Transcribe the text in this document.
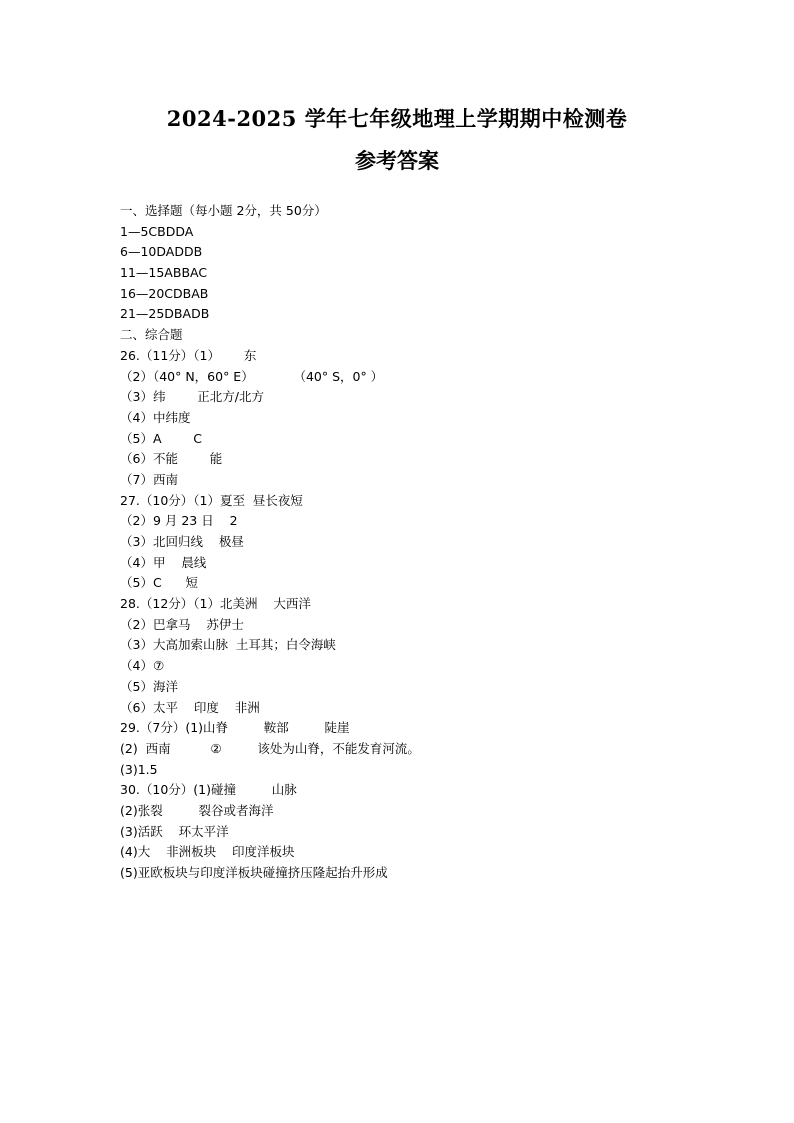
2024-2025 学年七年级地理上学期期中检测卷
参考答案
一、选择题（每小题 2分，共 50分）
1—5CBDDA
6—10DADDB
11—15ABBAC
16—20CDBAB
21—25DBADB
二、综合题
26.（11分）（1）      东
（2）（40° N，60° E）          （40° S，0° ）
（3）纬        正北方/北方
（4）中纬度
（5）A        C
（6）不能        能
（7）西南
27.（10分）（1）夏至  昼长夜短
（2）9 月 23 日    2
（3）北回归线    极昼
（4）甲    晨线
（5）C      短
28.（12分）（1）北美洲    大西洋
（2）巴拿马    苏伊士
（3）大高加索山脉  土耳其；白令海峡
（4）⑦
（5）海洋
（6）太平    印度    非洲
29.（7分）(1)山脊         鞍部         陡崖
(2)  西南          ②         该处为山脊，不能发育河流。
(3)1.5
30.（10分）(1)碰撞         山脉
(2)张裂         裂谷或者海洋
(3)活跃    环太平洋
(4)大    非洲板块    印度洋板块
(5)亚欧板块与印度洋板块碰撞挤压隆起抬升形成
